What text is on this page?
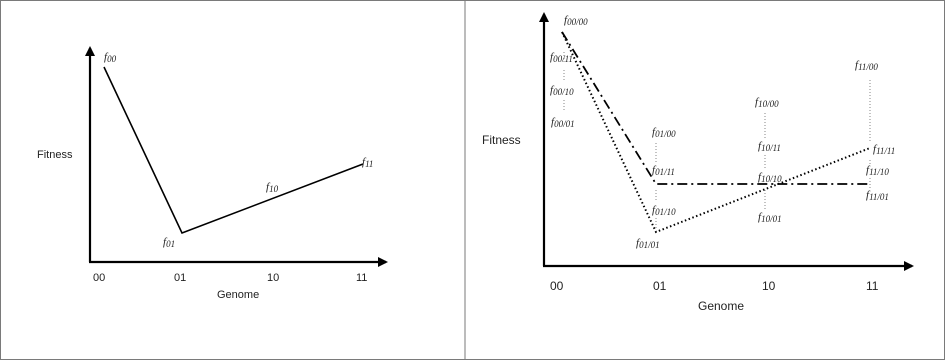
Fitness
Genome
00	01	10	11
f00
f01
f10
f11
Fitness
Genome
00	01	10	11
f00/00
f00/11
f00/10
f00/01
f01/00
f01/11
f01/10
f01/01
f10/00
f10/11
f10/10
f10/01
f11/00
f11/11
f11/10
f11/01
